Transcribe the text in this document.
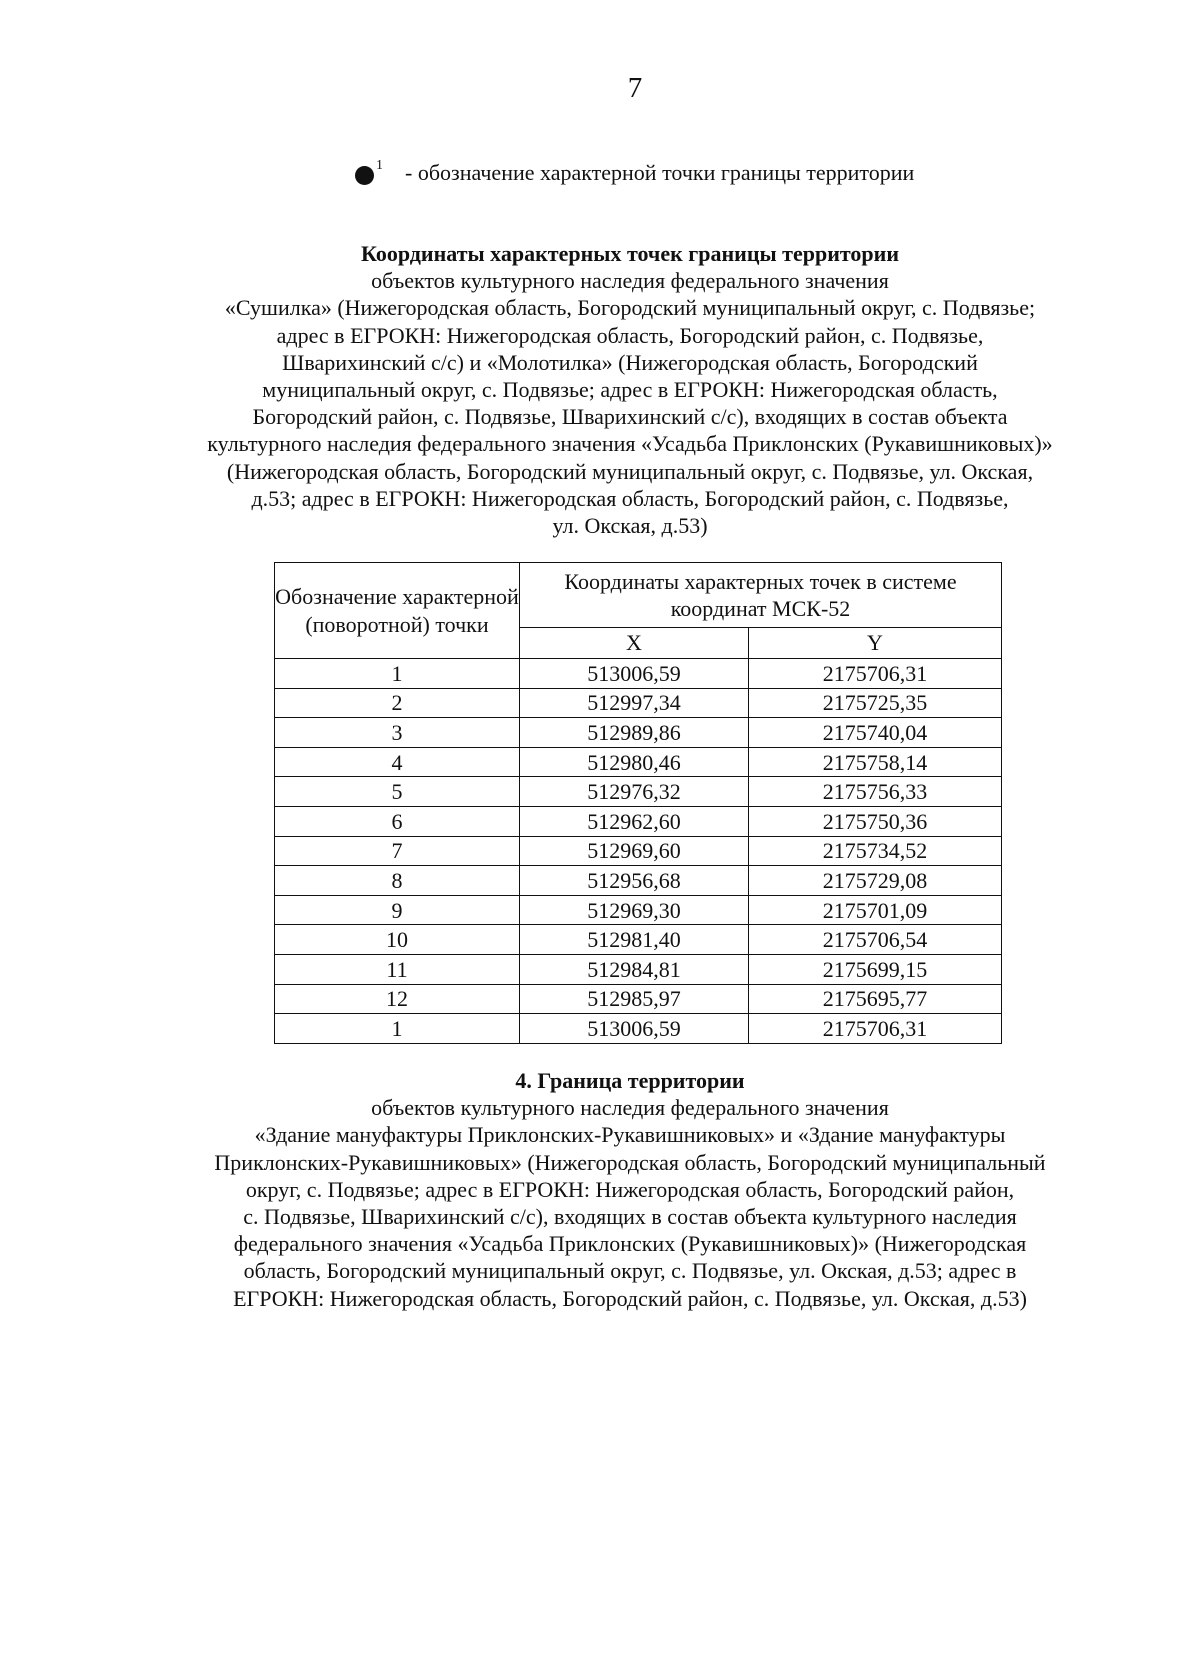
7
1 - обозначение характерной точки границы территории
Координаты характерных точек границы территории
объектов культурного наследия федерального значения
«Сушилка» (Нижегородская область, Богородский муниципальный округ, с. Подвязье;
адрес в ЕГРОКН: Нижегородская область, Богородский район, с. Подвязье,
Шварихинский с/с) и «Молотилка» (Нижегородская область, Богородский
муниципальный округ, с. Подвязье; адрес в ЕГРОКН: Нижегородская область,
Богородский район, с. Подвязье, Шварихинский с/с), входящих в состав объекта
культурного наследия федерального значения «Усадьба Приклонских (Рукавишниковых)»
(Нижегородская область, Богородский муниципальный округ, с. Подвязье, ул. Окская,
д.53; адрес в ЕГРОКН: Нижегородская область, Богородский район, с. Подвязье,
ул. Окская, д.53)
Обозначение характерной (поворотной) точки	Координаты характерных точек в системе координат МСК-52	
	X	Y
1	513006,59	2175706,31
2	512997,34	2175725,35
3	512989,86	2175740,04
4	512980,46	2175758,14
5	512976,32	2175756,33
6	512962,60	2175750,36
7	512969,60	2175734,52
8	512956,68	2175729,08
9	512969,30	2175701,09
10	512981,40	2175706,54
11	512984,81	2175699,15
12	512985,97	2175695,77
1	513006,59	2175706,31
4. Граница территории
объектов культурного наследия федерального значения
«Здание мануфактуры Приклонских-Рукавишниковых» и «Здание мануфактуры
Приклонских-Рукавишниковых» (Нижегородская область, Богородский муниципальный
округ, с. Подвязье; адрес в ЕГРОКН: Нижегородская область, Богородский район,
с. Подвязье, Шварихинский с/с), входящих в состав объекта культурного наследия
федерального значения «Усадьба Приклонских (Рукавишниковых)» (Нижегородская
область, Богородский муниципальный округ, с. Подвязье, ул. Окская, д.53; адрес в
ЕГРОКН: Нижегородская область, Богородский район, с. Подвязье, ул. Окская, д.53)
